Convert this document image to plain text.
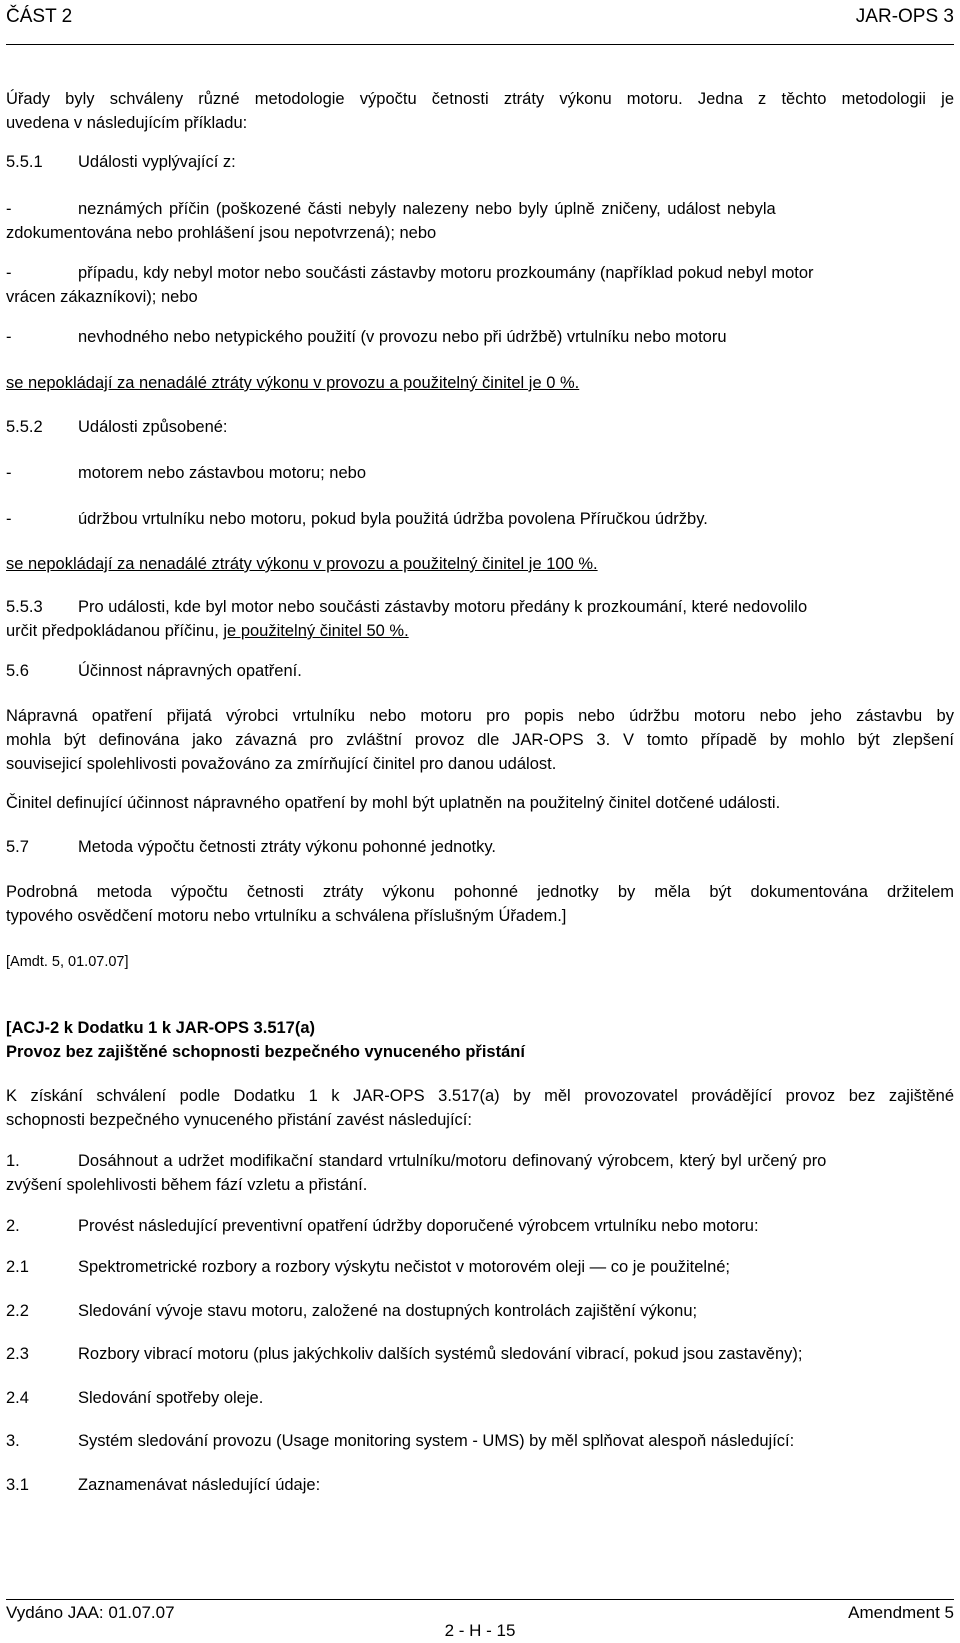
ČÁST 2	JAR-OPS 3
Úřady byly schváleny různé metodologie výpočtu četnosti ztráty výkonu motoru. Jedna z těchto metodologii je
uvedena v následujícím příkladu:
5.5.1 Události vyplývající z:
-	neznámých příčin (poškozené části nebyly nalezeny nebo byly úplně zničeny, událost nebyla
zdokumentována nebo prohlášení jsou nepotvrzená); nebo
-	případu, kdy nebyl motor nebo součásti zástavby motoru prozkoumány (například pokud nebyl motor
vrácen zákazníkovi); nebo
-	nevhodného nebo netypického použití (v provozu nebo při údržbě) vrtulníku nebo motoru
se nepokládají za nenadálé ztráty výkonu v provozu a použitelný činitel je 0 %.
5.5.2 Události způsobené:
-	motorem nebo zástavbou motoru; nebo
-	údržbou vrtulníku nebo motoru, pokud byla použitá údržba povolena Příručkou údržby.
se nepokládají za nenadálé ztráty výkonu v provozu a použitelný činitel je 100 %.
5.5.3 Pro události, kde byl motor nebo součásti zástavby motoru předány k prozkoumání, které nedovolilo
určit předpokládanou příčinu, je použitelný činitel 50 %.
5.6	Účinnost nápravných opatření.
Nápravná opatření přijatá výrobci vrtulníku nebo motoru pro popis nebo údržbu motoru nebo jeho zástavbu by
mohla být definována jako závazná pro zvláštní provoz dle JAR-OPS 3. V tomto případě by mohlo být zlepšení
souvisejicí spolehlivosti považováno za zmírňující činitel pro danou událost.
Činitel definující účinnost nápravného opatření by mohl být uplatněn na použitelný činitel dotčené události.
5.7	Metoda výpočtu četnosti ztráty výkonu pohonné jednotky.
Podrobná metoda výpočtu četnosti ztráty výkonu pohonné jednotky by měla být dokumentována držitelem
typového osvědčení motoru nebo vrtulníku a schválena příslušným Úřadem.]
[Amdt. 5, 01.07.07]
[ACJ-2 k Dodatku 1 k JAR-OPS 3.517(a)
Provoz bez zajištěné schopnosti bezpečného vynuceného přistání
K získání schválení podle Dodatku 1 k JAR-OPS 3.517(a) by měl provozovatel provádějící provoz bez zajištěné
schopnosti bezpečného vynuceného přistání zavést následující:
1.	Dosáhnout a udržet modifikační standard vrtulníku/motoru definovaný výrobcem, který byl určený pro
zvýšení spolehlivosti během fází vzletu a přistání.
2.	Provést následující preventivní opatření údržby doporučené výrobcem vrtulníku nebo motoru:
2.1	Spektrometrické rozbory a rozbory výskytu nečistot v motorovém oleji — co je použitelné;
2.2	Sledování vývoje stavu motoru, založené na dostupných kontrolách zajištění výkonu;
2.3	Rozbory vibrací motoru (plus jakýchkoliv dalších systémů sledování vibrací, pokud jsou zastavěny);
2.4	Sledování spotřeby oleje.
3.	Systém sledování provozu (Usage monitoring system - UMS) by měl splňovat alespoň následující:
3.1	Zaznamenávat následující údaje:
Vydáno JAA: 01.07.07	Amendment 5
2 - H - 15
